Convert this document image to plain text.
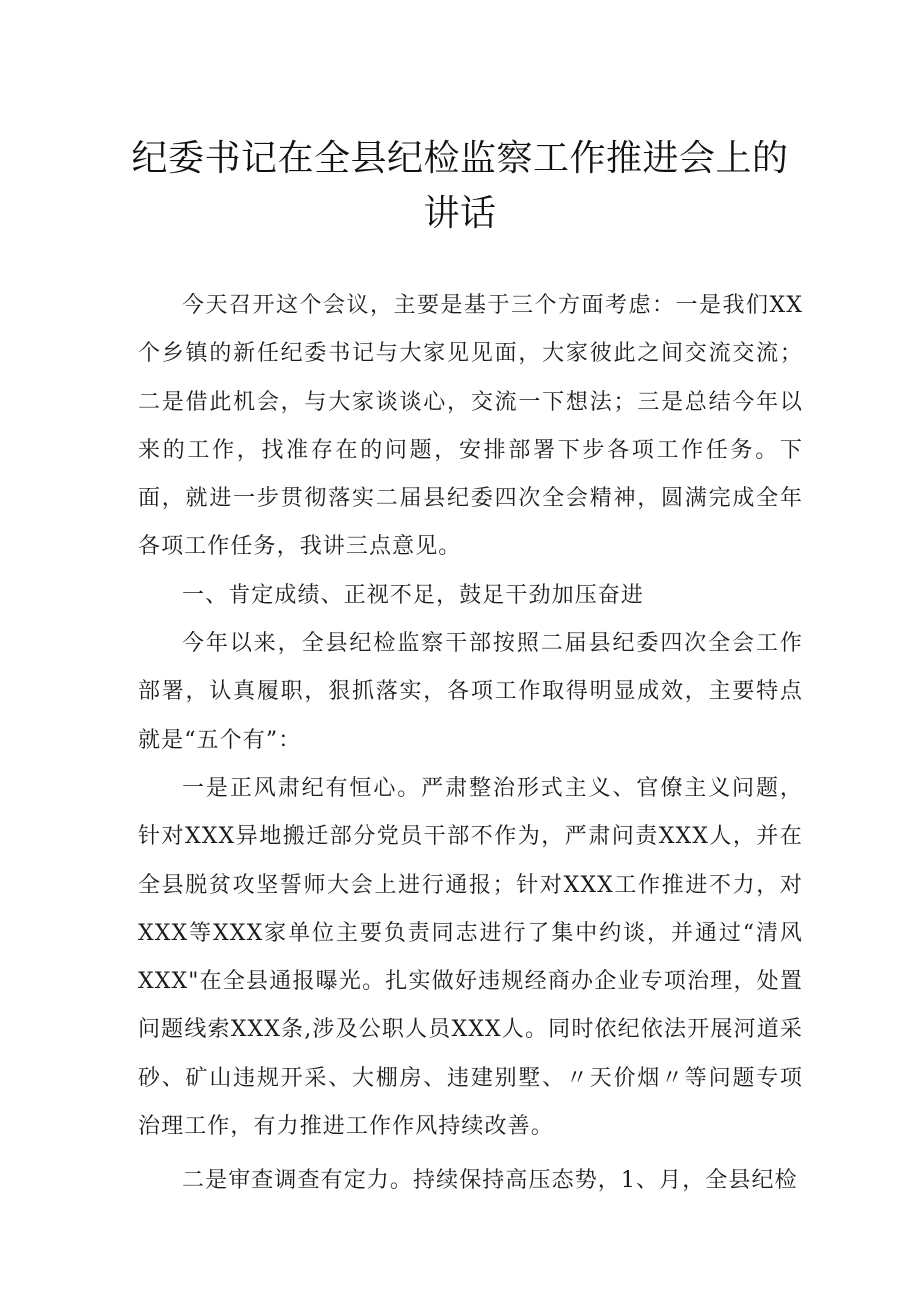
纪委书记在全县纪检监察工作推进会上的
讲话

今天召开这个会议，主要是基于三个方面考虑：一是我们XX个乡镇的新任纪委书记与大家见见面，大家彼此之间交流交流；二是借此机会，与大家谈谈心，交流一下想法；三是总结今年以来的工作，找准存在的问题，安排部署下步各项工作任务。下面，就进一步贯彻落实二届县纪委四次全会精神，圆满完成全年各项工作任务，我讲三点意见。

一、肯定成绩、正视不足，鼓足干劲加压奋进

今年以来，全县纪检监察干部按照二届县纪委四次全会工作部署，认真履职，狠抓落实，各项工作取得明显成效，主要特点就是“五个有”：

一是正风肃纪有恒心。严肃整治形式主义、官僚主义问题，针对XXX异地搬迁部分党员干部不作为，严肃问责XXX人，并在全县脱贫攻坚誓师大会上进行通报；针对XXX工作推进不力，对XXX等XXX家单位主要负责同志进行了集中约谈，并通过“清风XXX"在全县通报曝光。扎实做好违规经商办企业专项治理，处置问题线索XXX条,涉及公职人员XXX人。同时依纪依法开展河道采砂、矿山违规开采、大棚房、违建别墅、〃天价烟〃等问题专项治理工作，有力推进工作作风持续改善。

二是审查调查有定力。持续保持高压态势，1、月，全县纪检
